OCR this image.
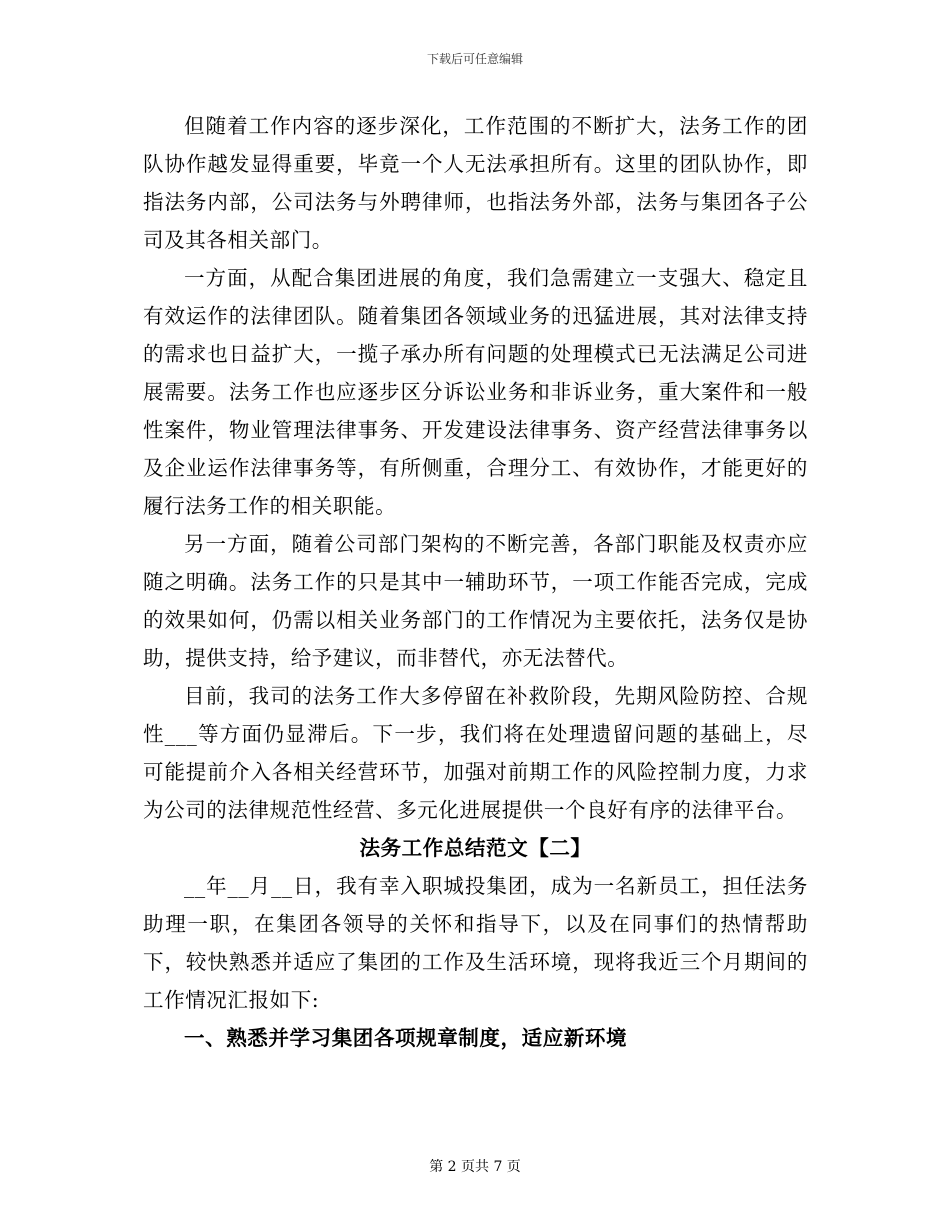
下载后可任意编辑

但随着工作内容的逐步深化，工作范围的不断扩大，法务工作的团队协作越发显得重要，毕竟一个人无法承担所有。这里的团队协作，即指法务内部，公司法务与外聘律师，也指法务外部，法务与集团各子公司及其各相关部门。

一方面，从配合集团进展的角度，我们急需建立一支强大、稳定且有效运作的法律团队。随着集团各领域业务的迅猛进展，其对法律支持的需求也日益扩大，一揽子承办所有问题的处理模式已无法满足公司进展需要。法务工作也应逐步区分诉讼业务和非诉业务，重大案件和一般性案件，物业管理法律事务、开发建设法律事务、资产经营法律事务以及企业运作法律事务等，有所侧重，合理分工、有效协作，才能更好的履行法务工作的相关职能。

另一方面，随着公司部门架构的不断完善，各部门职能及权责亦应随之明确。法务工作的只是其中一辅助环节，一项工作能否完成，完成的效果如何，仍需以相关业务部门的工作情况为主要依托，法务仅是协助，提供支持，给予建议，而非替代，亦无法替代。

目前，我司的法务工作大多停留在补救阶段，先期风险防控、合规性___等方面仍显滞后。下一步，我们将在处理遗留问题的基础上，尽可能提前介入各相关经营环节，加强对前期工作的风险控制力度，力求为公司的法律规范性经营、多元化进展提供一个良好有序的法律平台。

法务工作总结范文【二】

__年__月__日，我有幸入职城投集团，成为一名新员工，担任法务助理一职，在集团各领导的关怀和指导下，以及在同事们的热情帮助下，较快熟悉并适应了集团的工作及生活环境，现将我近三个月期间的工作情况汇报如下:

一、熟悉并学习集团各项规章制度，适应新环境

第 2 页共 7 页
